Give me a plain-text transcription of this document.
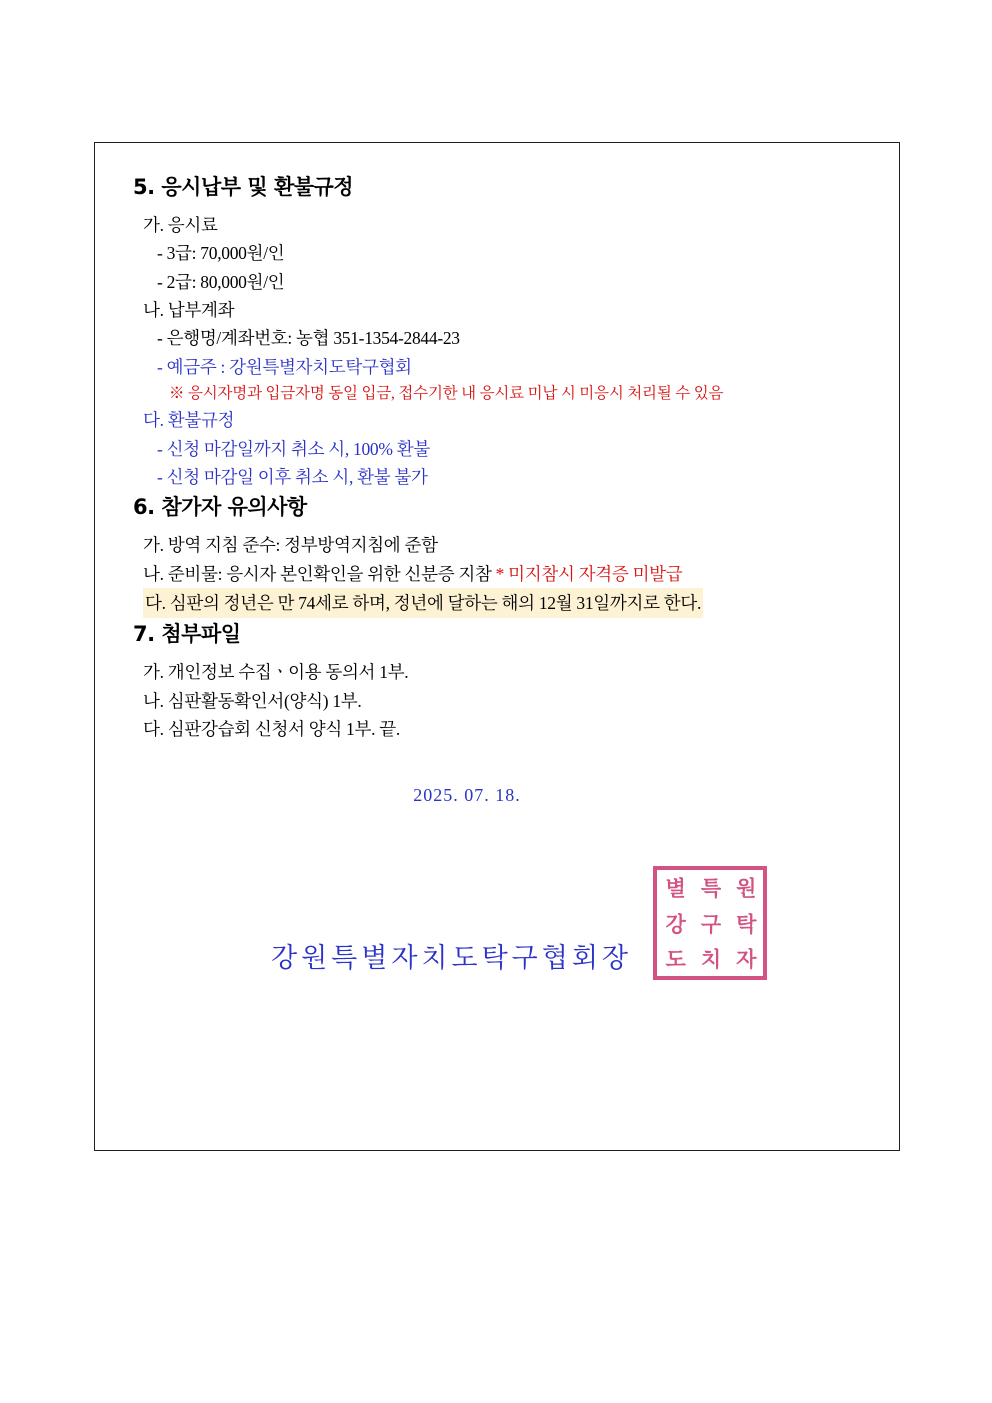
5. 응시납부 및 환불규정
가. 응시료
- 3급: 70,000원/인
- 2급: 80,000원/인
나. 납부계좌
- 은행명/계좌번호: 농협 351-1354-2844-23
- 예금주 : 강원특별자치도탁구협회
※ 응시자명과 입금자명 동일 입금, 접수기한 내 응시료 미납 시 미응시 처리될 수 있음
다. 환불규정
- 신청 마감일까지 취소 시, 100% 환불
- 신청 마감일 이후 취소 시, 환불 불가
6. 참가자 유의사항
가. 방역 지침 준수: 정부방역지침에 준함
나. 준비물: 응시자 본인확인을 위한 신분증 지참 * 미지참시 자격증 미발급
다. 심판의 정년은 만 74세로 하며, 정년에 달하는 해의 12월 31일까지로 한다.
7. 첨부파일
가. 개인정보 수집ㆍ이용 동의서 1부.
나. 심판활동확인서(양식) 1부.
다. 심판강습회 신청서 양식 1부. 끝.
2025. 07. 18.
강원특별자치도탁구협회장
별 특 원
강 구 탁
도 치 자
